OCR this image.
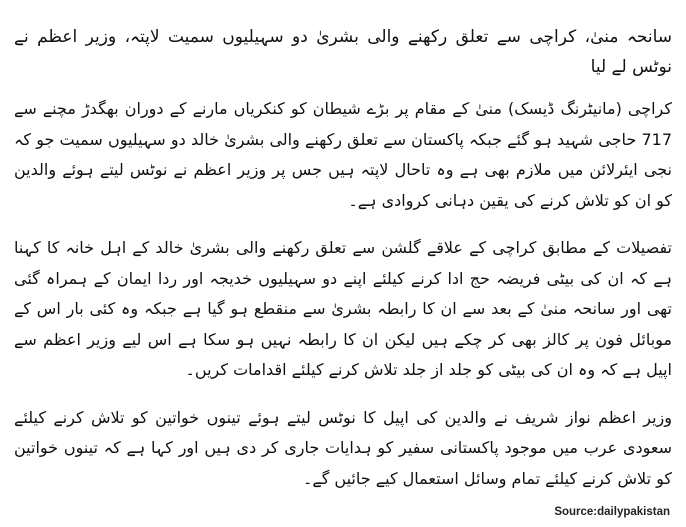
سانحہ منیٰ، کراچی سے تعلق رکھنے والی بشریٰ دو سہیلیوں سمیت لاپتہ، وزیر اعظم نے نوٹس لے لیا

کراچی (مانیٹرنگ ڈیسک) منیٰ کے مقام پر بڑے شیطان کو کنکریاں مارنے کے دوران بھگدڑ مچنے سے 717 حاجی شہید ہو گئے جبکہ پاکستان سے تعلق رکھنے والی بشریٰ خالد دو سہیلیوں سمیت جو کہ نجی ایئرلائن میں ملازم بھی ہے وہ تاحال لاپتہ ہیں جس پر وزیر اعظم نے نوٹس لیتے ہوئے والدین کو ان کو تلاش کرنے کی یقین دہانی کروادی ہے۔

تفصیلات کے مطابق کراچی کے علاقے گلشن سے تعلق رکھنے والی بشریٰ خالد کے اہل خانہ کا کہنا ہے کہ ان کی بیٹی فریضہ حج ادا کرنے کیلئے اپنے دو سہیلیوں خدیجہ اور ردا ایمان کے ہمراہ گئی تھی اور سانحہ منیٰ کے بعد سے ان کا رابطہ بشریٰ سے منقطع ہو گیا ہے جبکہ وہ کئی بار اس کے موبائل فون پر کالز بھی کر چکے ہیں لیکن ان کا رابطہ نہیں ہو سکا ہے اس لیے وزیر اعظم سے اپیل ہے کہ وہ ان کی بیٹی کو جلد از جلد تلاش کرنے کیلئے اقدامات کریں۔

وزیر اعظم نواز شریف نے والدین کی اپیل کا نوٹس لیتے ہوئے تینوں خواتین کو تلاش کرنے کیلئے سعودی عرب میں موجود پاکستانی سفیر کو ہدایات جاری کر دی ہیں اور کہا ہے کہ تینوں خواتین کو تلاش کرنے کیلئے تمام وسائل استعمال کیے جائیں گے۔

Source:dailypakistan
